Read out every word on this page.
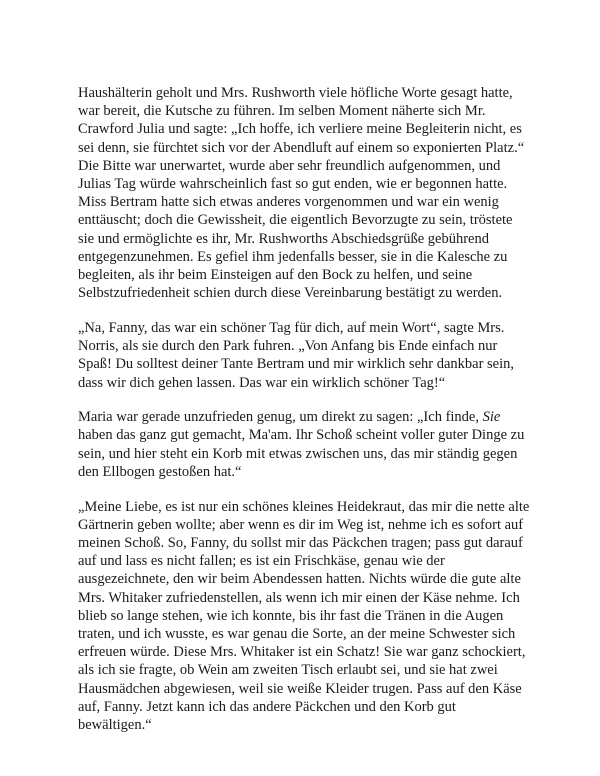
Haushälterin geholt und Mrs. Rushworth viele höfliche Worte gesagt hatte, war bereit, die Kutsche zu führen. Im selben Moment näherte sich Mr. Crawford Julia und sagte: „Ich hoffe, ich verliere meine Begleiterin nicht, es sei denn, sie fürchtet sich vor der Abendluft auf einem so exponierten Platz.“ Die Bitte war unerwartet, wurde aber sehr freundlich aufgenommen, und Julias Tag würde wahrscheinlich fast so gut enden, wie er begonnen hatte. Miss Bertram hatte sich etwas anderes vorgenommen und war ein wenig enttäuscht; doch die Gewissheit, die eigentlich Bevorzugte zu sein, tröstete sie und ermöglichte es ihr, Mr. Rushworths Abschiedsgrüße gebührend entgegenzunehmen. Es gefiel ihm jedenfalls besser, sie in die Kalesche zu begleiten, als ihr beim Einsteigen auf den Bock zu helfen, und seine Selbstzufriedenheit schien durch diese Vereinbarung bestätigt zu werden.

„Na, Fanny, das war ein schöner Tag für dich, auf mein Wort“, sagte Mrs. Norris, als sie durch den Park fuhren. „Von Anfang bis Ende einfach nur Spaß! Du solltest deiner Tante Bertram und mir wirklich sehr dankbar sein, dass wir dich gehen lassen. Das war ein wirklich schöner Tag!“

Maria war gerade unzufrieden genug, um direkt zu sagen: „Ich finde, Sie haben das ganz gut gemacht, Ma'am. Ihr Schoß scheint voller guter Dinge zu sein, und hier steht ein Korb mit etwas zwischen uns, das mir ständig gegen den Ellbogen gestoßen hat.“

„Meine Liebe, es ist nur ein schönes kleines Heidekraut, das mir die nette alte Gärtnerin geben wollte; aber wenn es dir im Weg ist, nehme ich es sofort auf meinen Schoß. So, Fanny, du sollst mir das Päckchen tragen; pass gut darauf auf und lass es nicht fallen; es ist ein Frischkäse, genau wie der ausgezeichnete, den wir beim Abendessen hatten. Nichts würde die gute alte Mrs. Whitaker zufriedenstellen, als wenn ich mir einen der Käse nehme. Ich blieb so lange stehen, wie ich konnte, bis ihr fast die Tränen in die Augen traten, und ich wusste, es war genau die Sorte, an der meine Schwester sich erfreuen würde. Diese Mrs. Whitaker ist ein Schatz! Sie war ganz schockiert, als ich sie fragte, ob Wein am zweiten Tisch erlaubt sei, und sie hat zwei Hausmädchen abgewiesen, weil sie weiße Kleider trugen. Pass auf den Käse auf, Fanny. Jetzt kann ich das andere Päckchen und den Korb gut bewältigen.“
